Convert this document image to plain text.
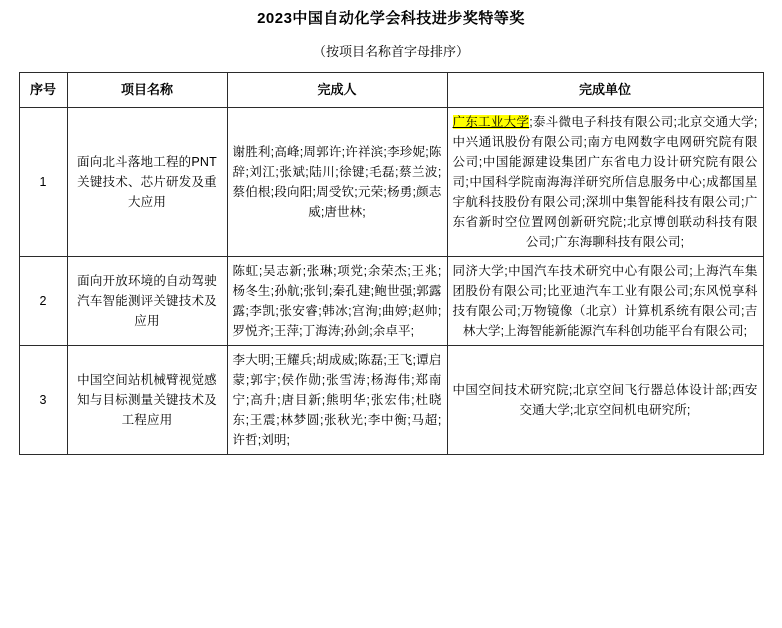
2023中国自动化学会科技进步奖特等奖
（按项目名称首字母排序）
序号	项目名称	完成人	完成单位
1	面向北斗落地工程的PNT关键技术、芯片研发及重大应用	谢胜利;高峰;周郭许;许祥滨;李珍妮;陈辞;刘江;张斌;陆川;徐键;毛磊;蔡兰波;蔡伯根;段向阳;周受钦;元荣;杨勇;颜志威;唐世林;	广东工业大学;泰斗微电子科技有限公司;北京交通大学;中兴通讯股份有限公司;南方电网数字电网研究院有限公司;中国能源建设集团广东省电力设计研究院有限公司;中国科学院南海海洋研究所信息服务中心;成都国星宇航科技股份有限公司;深圳中集智能科技有限公司;广东省新时空位置网创新研究院;北京博创联动科技有限公司;广东海聊科技有限公司;
2	面向开放环境的自动驾驶汽车智能测评关键技术及应用	陈虹;吴志新;张琳;项党;余荣杰;王兆;杨冬生;孙航;张钊;秦孔建;鲍世强;郭露露;李凯;张安睿;韩冰;宫洵;曲婷;赵帅;罗悦齐;王萍;丁海涛;孙剑;余卓平;	同济大学;中国汽车技术研究中心有限公司;上海汽车集团股份有限公司;比亚迪汽车工业有限公司;东风悦享科技有限公司;万物镜像（北京）计算机系统有限公司;吉林大学;上海智能新能源汽车科创功能平台有限公司;
3	中国空间站机械臂视觉感知与目标测量关键技术及工程应用	李大明;王耀兵;胡成威;陈磊;王飞;谭启蒙;郭宇;侯作勋;张雪涛;杨海伟;郑南宁;高升;唐目新;熊明华;张宏伟;杜晓东;王震;林梦圆;张秋光;李中衡;马超;许哲;刘明;	中国空间技术研究院;北京空间飞行器总体设计部;西安交通大学;北京空间机电研究所;
